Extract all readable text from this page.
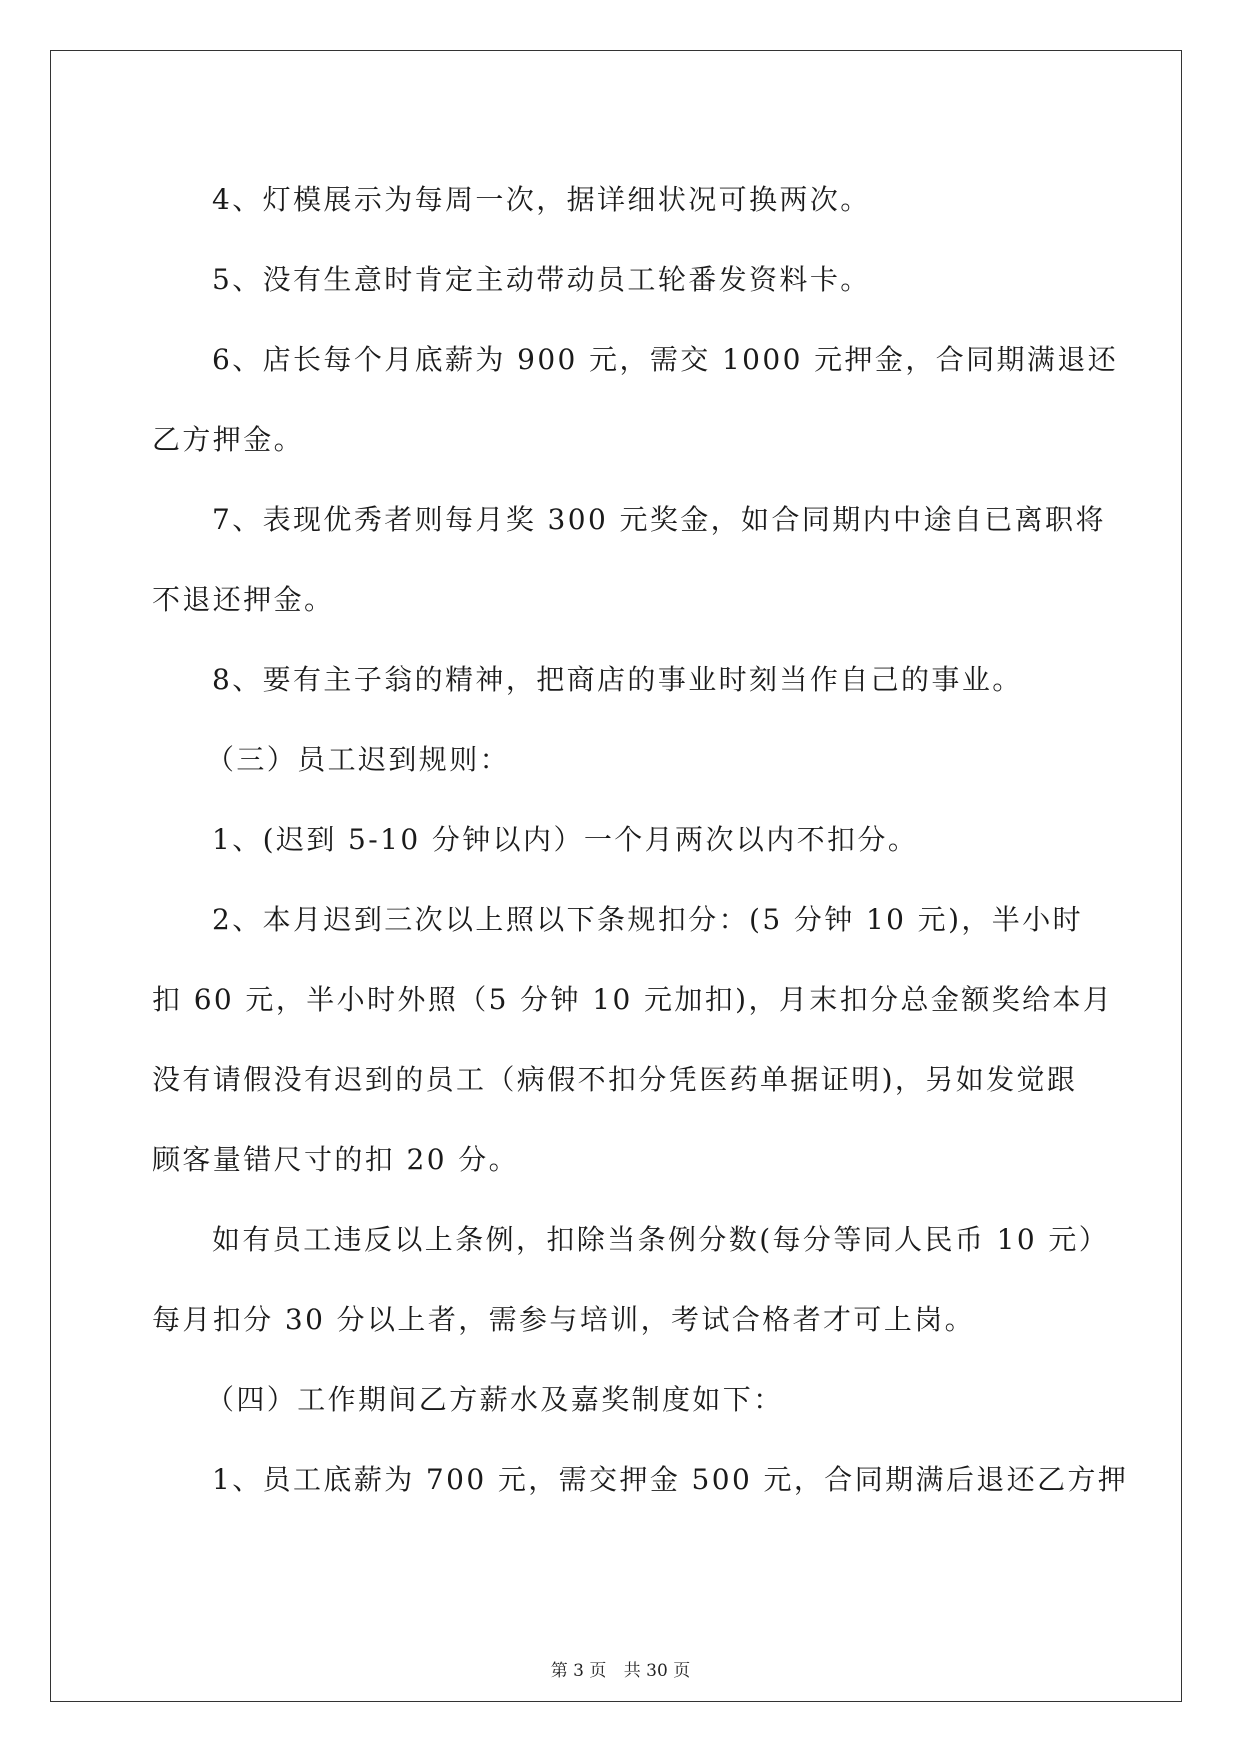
4、灯模展示为每周一次，据详细状况可换两次。
5、没有生意时肯定主动带动员工轮番发资料卡。
6、店长每个月底薪为 900 元，需交 1000 元押金，合同期满退还
乙方押金。
7、表现优秀者则每月奖 300 元奖金，如合同期内中途自已离职将
不退还押金。
8、要有主子翁的精神，把商店的事业时刻当作自己的事业。
（三）员工迟到规则：
1、(迟到 5-10 分钟以内）一个月两次以内不扣分。
2、本月迟到三次以上照以下条规扣分：(5 分钟 10 元)，半小时
扣 60 元，半小时外照（5 分钟 10 元加扣)，月末扣分总金额奖给本月
没有请假没有迟到的员工（病假不扣分凭医药单据证明)，另如发觉跟
顾客量错尺寸的扣 20 分。
如有员工违反以上条例，扣除当条例分数(每分等同人民币 10 元）
每月扣分 30 分以上者，需参与培训，考试合格者才可上岗。
（四）工作期间乙方薪水及嘉奖制度如下：
1、员工底薪为 700 元，需交押金 500 元，合同期满后退还乙方押
第 3 页 共 30 页
